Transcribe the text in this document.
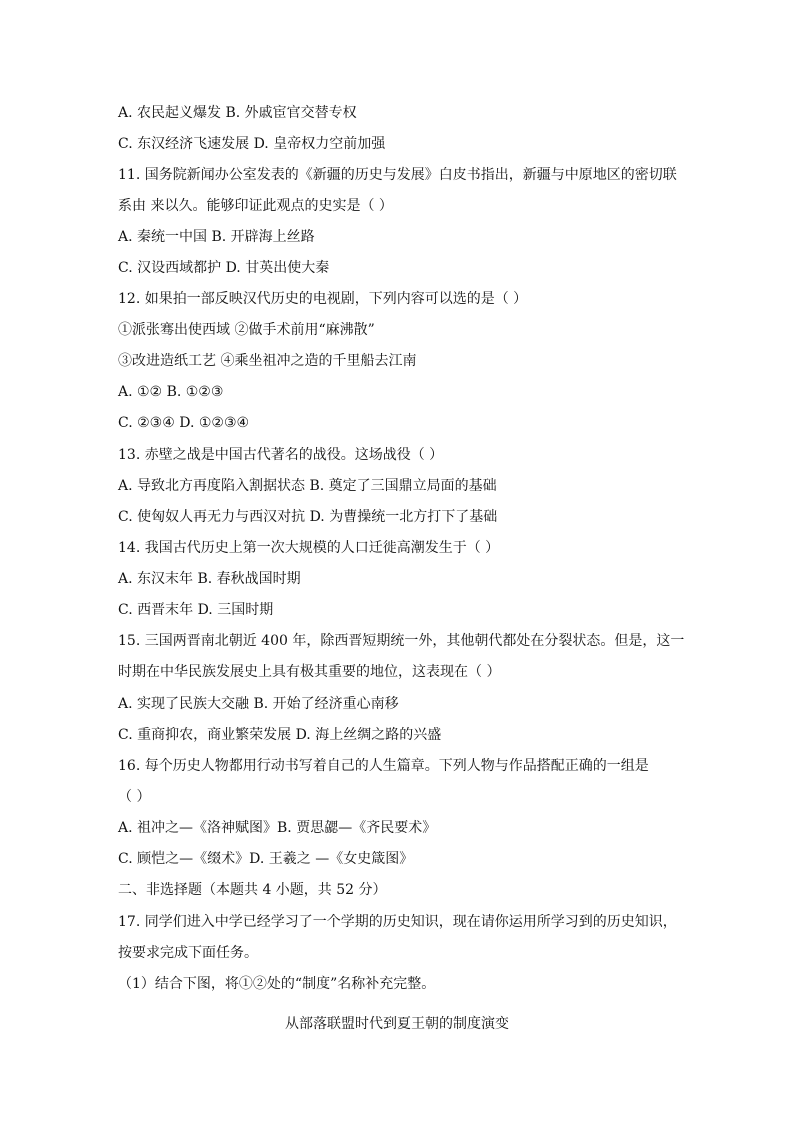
A. 农民起义爆发 B. 外戚宦官交替专权
C. 东汉经济飞速发展 D. 皇帝权力空前加强
11. 国务院新闻办公室发表的《新疆的历史与发展》白皮书指出，新疆与中原地区的密切联
系由 来以久。能够印证此观点的史实是（ ）
A. 秦统一中国 B. 开辟海上丝路
C. 汉设西域都护 D. 甘英出使大秦
12. 如果拍一部反映汉代历史的电视剧，下列内容可以选的是（ ）
①派张骞出使西域 ②做手术前用“麻沸散”
③改进造纸工艺 ④乘坐祖冲之造的千里船去江南
A. ①② B. ①②③
C. ②③④ D. ①②③④
13. 赤壁之战是中国古代著名的战役。这场战役（ ）
A. 导致北方再度陷入割据状态 B. 奠定了三国鼎立局面的基础
C. 使匈奴人再无力与西汉对抗 D. 为曹操统一北方打下了基础
14. 我国古代历史上第一次大规模的人口迁徙高潮发生于（ ）
A. 东汉末年 B. 春秋战国时期
C. 西晋末年 D. 三国时期
15. 三国两晋南北朝近 400 年，除西晋短期统一外，其他朝代都处在分裂状态。但是，这一
时期在中华民族发展史上具有极其重要的地位，这表现在（ ）
A. 实现了民族大交融 B. 开始了经济重心南移
C. 重商抑农，商业繁荣发展 D. 海上丝绸之路的兴盛
16. 每个历史人物都用行动书写着自己的人生篇章。下列人物与作品搭配正确的一组是
（ ）
A. 祖冲之—《洛神赋图》B. 贾思勰—《齐民要术》
C. 顾恺之—《缀术》D. 王羲之 —《女史箴图》
二、非选择题（本题共 4 小题，共 52 分）
17. 同学们进入中学已经学习了一个学期的历史知识，现在请你运用所学习到的历史知识，
按要求完成下面任务。
（1）结合下图，将①②处的“制度”名称补充完整。
从部落联盟时代到夏王朝的制度演变
